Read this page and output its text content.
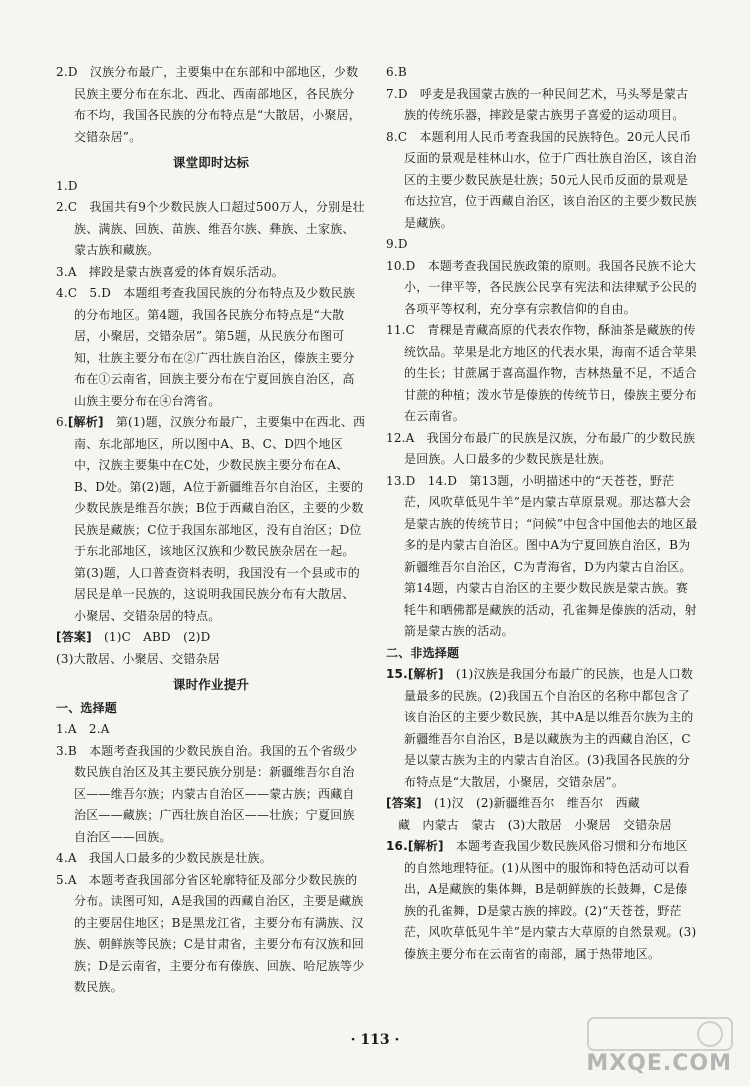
2.D　汉族分布最广，主要集中在东部和中部地区，少数民族主要分布在东北、西北、西南部地区，各民族分布不均，我国各民族的分布特点是“大散居，小聚居，交错杂居”。

课堂即时达标

1.D

2.C　我国共有9个少数民族人口超过500万人，分别是壮族、满族、回族、苗族、维吾尔族、彝族、土家族、蒙古族和藏族。

3.A　摔跤是蒙古族喜爱的体育娱乐活动。

4.C　5.D　本题组考查我国民族的分布特点及少数民族的分布地区。第4题，我国各民族分布特点是“大散居，小聚居，交错杂居”。第5题，从民族分布图可知，壮族主要分布在②广西壮族自治区，傣族主要分布在①云南省，回族主要分布在宁夏回族自治区，高山族主要分布在④台湾省。

6.[解析]　第(1)题，汉族分布最广，主要集中在西北、西南、东北部地区，所以图中A、B、C、D四个地区中，汉族主要集中在C处，少数民族主要分布在A、B、D处。第(2)题，A位于新疆维吾尔自治区，主要的少数民族是维吾尔族；B位于西藏自治区，主要的少数民族是藏族；C位于我国东部地区，没有自治区；D位于东北部地区，该地区汉族和少数民族杂居在一起。第(3)题，人口普查资料表明，我国没有一个县或市的居民是单一民族的，这说明我国民族分布有大散居、小聚居、交错杂居的特点。

[答案]　 (1)C　ABD　(2)D

(3)大散居、小聚居、交错杂居

课时作业提升

一、选择题

1.A　2.A

3.B　本题考查我国的少数民族自治。我国的五个省级少数民族自治区及其主要民族分别是：新疆维吾尔自治区——维吾尔族；内蒙古自治区——蒙古族；西藏自治区——藏族；广西壮族自治区——壮族；宁夏回族自治区——回族。

4.A　我国人口最多的少数民族是壮族。

5.A　本题考查我国部分省区轮廓特征及部分少数民族的分布。读图可知，A是我国的西藏自治区，主要是藏族的主要居住地区；B是黑龙江省，主要分布有满族、汉族、朝鲜族等民族；C是甘肃省，主要分布有汉族和回族；D是云南省，主要分布有傣族、回族、哈尼族等少数民族。

6.B

7.D　呼麦是我国蒙古族的一种民间艺术，马头琴是蒙古族的传统乐器，摔跤是蒙古族男子喜爱的运动项目。

8.C　本题利用人民币考查我国的民族特色。20元人民币反面的景观是桂林山水，位于广西壮族自治区，该自治区的主要少数民族是壮族；50元人民币反面的景观是布达拉宫，位于西藏自治区，该自治区的主要少数民族是藏族。

9.D

10.D　本题考查我国民族政策的原则。我国各民族不论大小，一律平等，各民族公民享有宪法和法律赋予公民的各项平等权利，充分享有宗教信仰的自由。

11.C　青稞是青藏高原的代表农作物，酥油茶是藏族的传统饮品。苹果是北方地区的代表水果，海南不适合苹果的生长；甘蔗属于喜高温作物，吉林热量不足，不适合甘蔗的种植；泼水节是傣族的传统节日，傣族主要分布在云南省。

12.A　我国分布最广的民族是汉族，分布最广的少数民族是回族。人口最多的少数民族是壮族。

13.D　14.D　第13题，小明描述中的“天苍苍，野茫茫，风吹草低见牛羊”是内蒙古草原景观。那达慕大会是蒙古族的传统节日；“问候”中包含中国他去的地区最多的是内蒙古自治区。图中A为宁夏回族自治区，B为新疆维吾尔自治区，C为青海省，D为内蒙古自治区。第14题，内蒙古自治区的主要少数民族是蒙古族。赛牦牛和晒佛都是藏族的活动，孔雀舞是傣族的活动，射箭是蒙古族的活动。

二、非选择题

15.[解析]　(1)汉族是我国分布最广的民族，也是人口数量最多的民族。(2)我国五个自治区的名称中都包含了该自治区的主要少数民族，其中A是以维吾尔族为主的新疆维吾尔自治区，B是以藏族为主的西藏自治区，C是以蒙古族为主的内蒙古自治区。(3)我国各民族的分布特点是“大散居，小聚居，交错杂居”。

[答案]　 (1)汉　(2)新疆维吾尔　维吾尔　西藏

藏　内蒙古　蒙古　(3)大散居　小聚居　交错杂居

16.[解析]　本题考查我国少数民族风俗习惯和分布地区的自然地理特征。(1)从图中的服饰和特色活动可以看出，A是藏族的集体舞，B是朝鲜族的长鼓舞，C是傣族的孔雀舞，D是蒙古族的摔跤。(2)“天苍苍，野茫茫，风吹草低见牛羊”是内蒙古大草原的自然景观。(3)傣族主要分布在云南省的南部，属于热带地区。

· 113 ·
MXQE.COM
